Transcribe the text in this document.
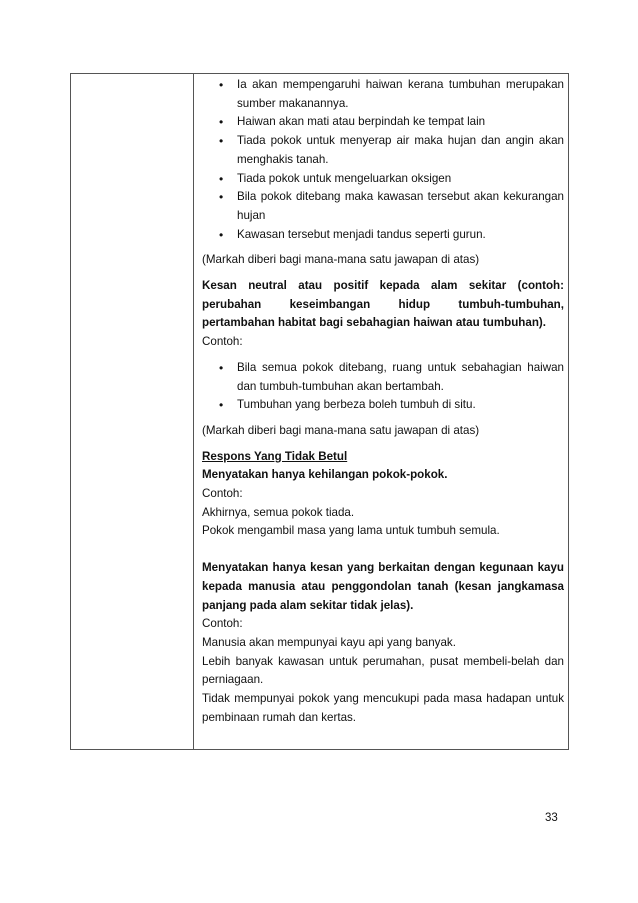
• Ia akan mempengaruhi haiwan kerana tumbuhan merupakan sumber makanannya.
• Haiwan akan mati atau berpindah ke tempat lain
• Tiada pokok untuk menyerap air maka hujan dan angin akan menghakis tanah.
• Tiada pokok untuk mengeluarkan oksigen
• Bila pokok ditebang maka kawasan tersebut akan kekurangan hujan
• Kawasan tersebut menjadi tandus seperti gurun.

(Markah diberi bagi mana-mana satu jawapan di atas)

Kesan neutral atau positif kepada alam sekitar (contoh: perubahan keseimbangan hidup tumbuh-tumbuhan, pertambahan habitat bagi sebahagian haiwan atau tumbuhan).

Contoh:

• Bila semua pokok ditebang, ruang untuk sebahagian haiwan dan tumbuh-tumbuhan akan bertambah.
• Tumbuhan yang berbeza boleh tumbuh di situ.

(Markah diberi bagi mana-mana satu jawapan di atas)

Respons Yang Tidak Betul

Menyatakan hanya kehilangan pokok-pokok.

Contoh:

Akhirnya, semua pokok tiada.

Pokok mengambil masa yang lama untuk tumbuh semula.

Menyatakan hanya kesan yang berkaitan dengan kegunaan kayu kepada manusia atau penggondolan tanah (kesan jangkamasa panjang pada alam sekitar tidak jelas).

Contoh:

Manusia akan mempunyai kayu api yang banyak.

Lebih banyak kawasan untuk perumahan, pusat membeli-belah dan perniagaan.

Tidak mempunyai pokok yang mencukupi pada masa hadapan untuk pembinaan rumah dan kertas.

33
